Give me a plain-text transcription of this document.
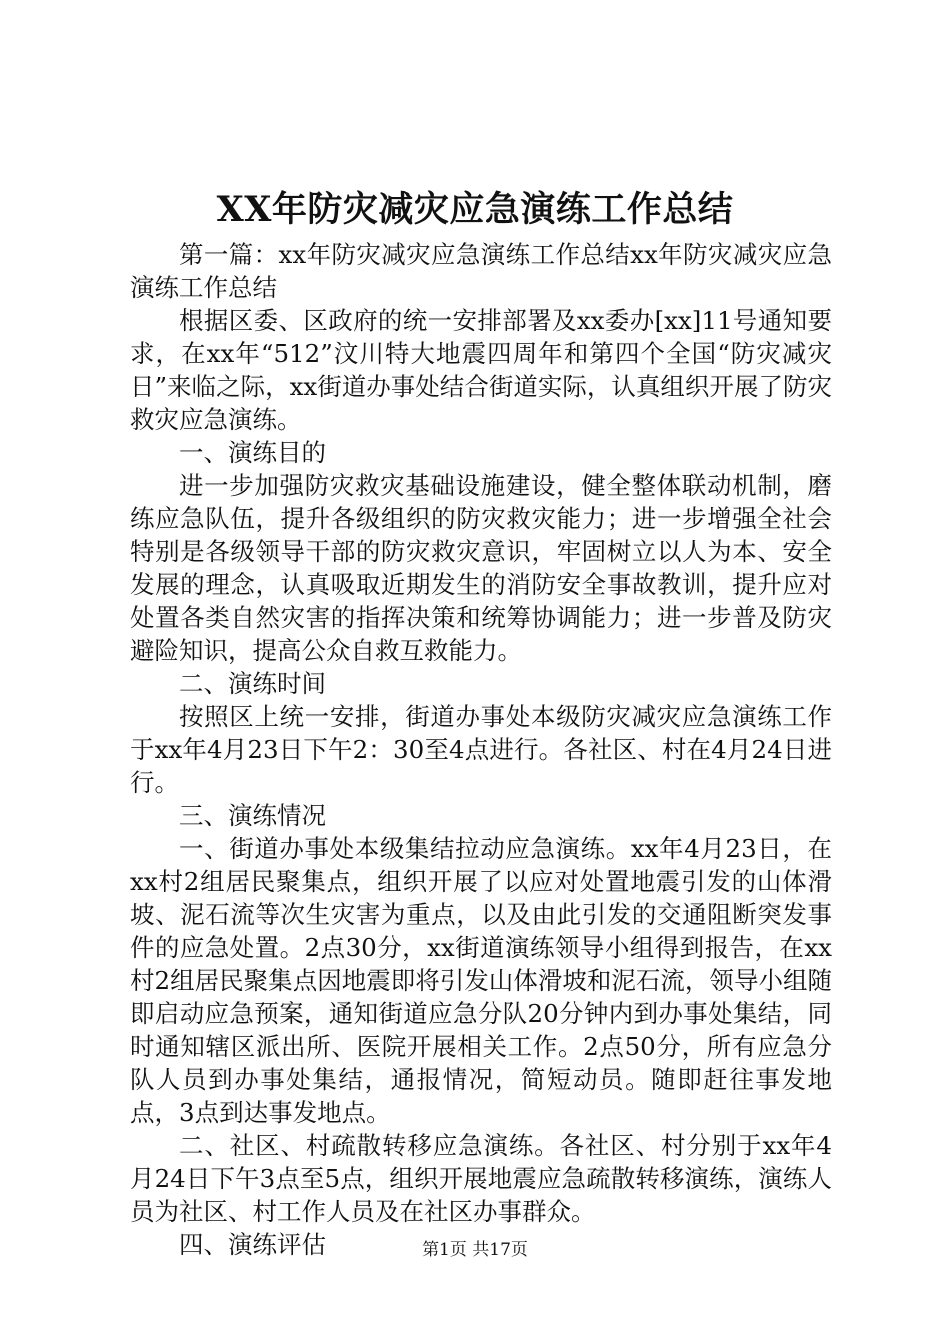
XX年防灾减灾应急演练工作总结

第一篇：xx年防灾减灾应急演练工作总结xx年防灾减灾应急演练工作总结

根据区委、区政府的统一安排部署及xx委办[xx]11号通知要求，在xx年“512”汶川特大地震四周年和第四个全国“防灾减灾日”来临之际，xx街道办事处结合街道实际，认真组织开展了防灾救灾应急演练。

一、演练目的

进一步加强防灾救灾基础设施建设，健全整体联动机制，磨练应急队伍，提升各级组织的防灾救灾能力；进一步增强全社会特别是各级领导干部的防灾救灾意识，牢固树立以人为本、安全发展的理念，认真吸取近期发生的消防安全事故教训，提升应对处置各类自然灾害的指挥决策和统筹协调能力；进一步普及防灾避险知识，提高公众自救互救能力。

二、演练时间

按照区上统一安排，街道办事处本级防灾减灾应急演练工作于xx年4月23日下午2：30至4点进行。各社区、村在4月24日进行。

三、演练情况

一、街道办事处本级集结拉动应急演练。xx年4月23日，在xx村2组居民聚集点，组织开展了以应对处置地震引发的山体滑坡、泥石流等次生灾害为重点，以及由此引发的交通阻断突发事件的应急处置。2点30分，xx街道演练领导小组得到报告，在xx村2组居民聚集点因地震即将引发山体滑坡和泥石流，领导小组随即启动应急预案，通知街道应急分队20分钟内到办事处集结，同时通知辖区派出所、医院开展相关工作。2点50分，所有应急分队人员到办事处集结，通报情况，简短动员。随即赶往事发地点，3点到达事发地点。

二、社区、村疏散转移应急演练。各社区、村分别于xx年4月24日下午3点至5点，组织开展地震应急疏散转移演练，演练人员为社区、村工作人员及在社区办事群众。

四、演练评估	第1页 共17页
